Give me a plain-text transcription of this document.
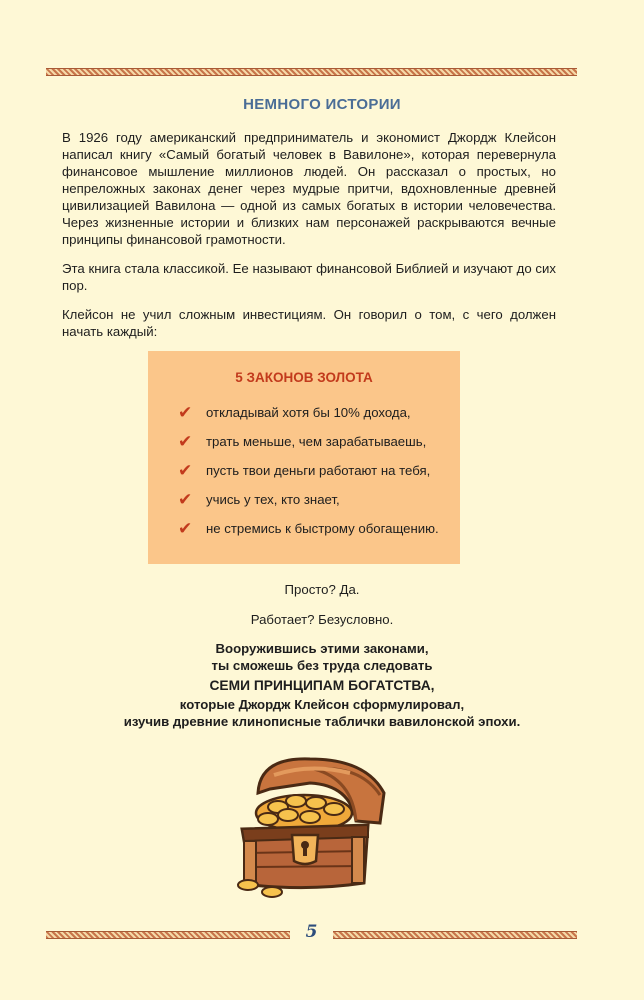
НЕМНОГО ИСТОРИИ
В 1926 году американский предприниматель и экономист Джордж Клейсон написал книгу «Самый богатый человек в Вавилоне», которая перевернула финансовое мышление миллионов людей. Он рассказал о простых, но непреложных законах денег через мудрые притчи, вдохновленные древней цивилизацией Вавилона — одной из самых богатых в истории человечества. Через жизненные истории и близких нам персонажей раскрываются вечные принципы финансовой грамотности.
Эта книга стала классикой. Ее называют финансовой Библией и изучают до сих пор.
Клейсон не учил сложным инвестициям. Он говорил о том, с чего должен начать каждый:
5 ЗАКОНОВ ЗОЛОТА
✔ откладывай хотя бы 10% дохода,
✔ трать меньше, чем зарабатываешь,
✔ пусть твои деньги работают на тебя,
✔ учись у тех, кто знает,
✔ не стремись к быстрому обогащению.
Просто? Да.
Работает? Безусловно.
Вооружившись этими законами,
ты сможешь без труда следовать
СЕМИ ПРИНЦИПАМ БОГАТСТВА,
которые Джордж Клейсон сформулировал,
изучив древние клинописные таблички вавилонской эпохи.
5
